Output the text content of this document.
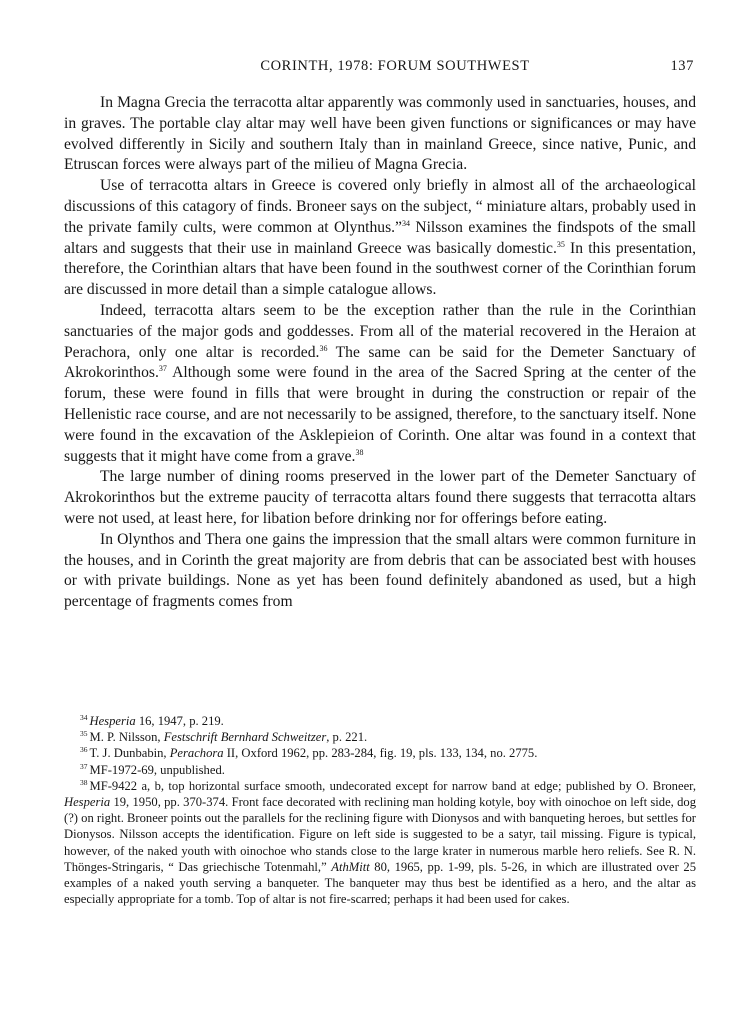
CORINTH, 1978: FORUM SOUTHWEST	137

In Magna Grecia the terracotta altar apparently was commonly used in sanctuaries, houses, and in graves. The portable clay altar may well have been given functions or significances or may have evolved differently in Sicily and southern Italy than in mainland Greece, since native, Punic, and Etruscan forces were always part of the milieu of Magna Grecia.

Use of terracotta altars in Greece is covered only briefly in almost all of the archaeological discussions of this catagory of finds. Broneer says on the subject, “ miniature altars, probably used in the private family cults, were common at Olynthus.”$^{34}$ Nilsson examines the findspots of the small altars and suggests that their use in mainland Greece was basically domestic.$^{35}$ In this presentation, therefore, the Corinthian altars that have been found in the southwest corner of the Corinthian forum are discussed in more detail than a simple catalogue allows.

Indeed, terracotta altars seem to be the exception rather than the rule in the Corinthian sanctuaries of the major gods and goddesses. From all of the material recovered in the Heraion at Perachora, only one altar is recorded.$^{36}$ The same can be said for the Demeter Sanctuary of Akrokorinthos.$^{37}$ Although some were found in the area of the Sacred Spring at the center of the forum, these were found in fills that were brought in during the construction or repair of the Hellenistic race course, and are not necessarily to be assigned, therefore, to the sanctuary itself. None were found in the excavation of the Asklepieion of Corinth. One altar was found in a context that suggests that it might have come from a grave.$^{38}$

The large number of dining rooms preserved in the lower part of the Demeter Sanctuary of Akrokorinthos but the extreme paucity of terracotta altars found there suggests that terracotta altars were not used, at least here, for libation before drinking nor for offerings before eating.

In Olynthos and Thera one gains the impression that the small altars were common furniture in the houses, and in Corinth the great majority are from debris that can be associated best with houses or with private buildings. None as yet has been found definitely abandoned as used, but a high percentage of fragments comes from

$^{34}$ Hesperia 16, 1947, p. 219.

$^{35}$ M. P. Nilsson, Festschrift Bernhard Schweitzer, p. 221.

$^{36}$ T. J. Dunbabin, Perachora II, Oxford 1962, pp. 283-284, fig. 19, pls. 133, 134, no. 2775.

$^{37}$ MF-1972-69, unpublished.

$^{38}$ MF-9422 a, b, top horizontal surface smooth, undecorated except for narrow band at edge; published by O. Broneer, Hesperia 19, 1950, pp. 370-374. Front face decorated with reclining man holding kotyle, boy with oinochoe on left side, dog (?) on right. Broneer points out the parallels for the reclining figure with Dionysos and with banqueting heroes, but settles for Dionysos. Nilsson accepts the identification. Figure on left side is suggested to be a satyr, tail missing. Figure is typical, however, of the naked youth with oinochoe who stands close to the large krater in numerous marble hero reliefs. See R. N. Thönges-Stringaris, “ Das griechische Totenmahl,” AthMitt 80, 1965, pp. 1-99, pls. 5-26, in which are illustrated over 25 examples of a naked youth serving a banqueter. The banqueter may thus best be identified as a hero, and the altar as especially appropriate for a tomb. Top of altar is not fire-scarred; perhaps it had been used for cakes.
